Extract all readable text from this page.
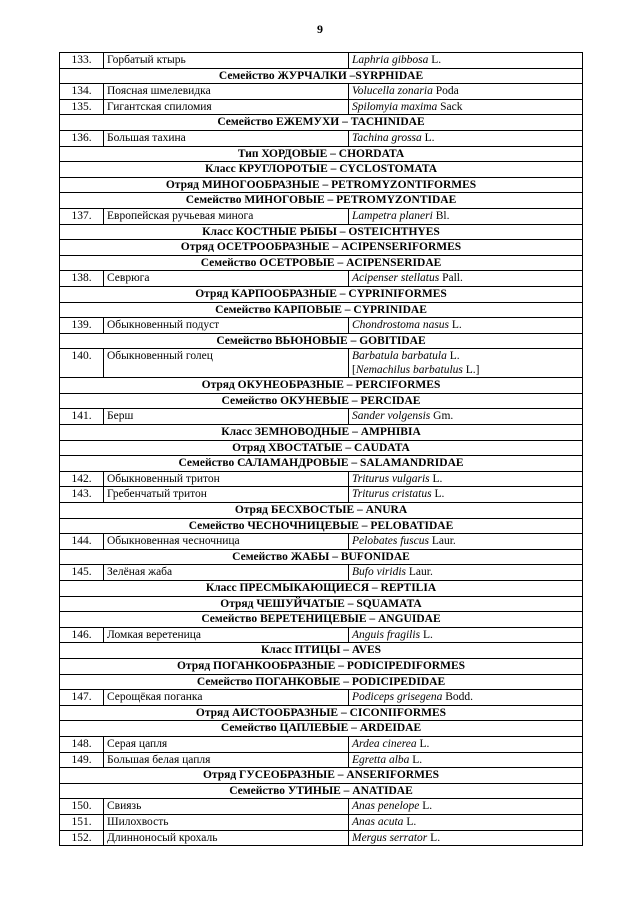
9
133.	Горбатый ктырь	Laphria gibbosa L.

Семейство ЖУРЧАЛКИ –SYRPHIDAE		
134.	Поясная шмелевидка	Volucella zonaria Poda

135.	Гигантская спиломия	Spilomyia maxima Sack

Семейство ЕЖЕМУХИ – TACHINIDAE		
136.	Большая тахина	Tachina grossa L.

Тип ХОРДОВЫЕ – CHORDATA		
Класс КРУГЛОРОТЫЕ – CYCLOSTOMATA		
Отряд МИНОГООБРАЗНЫЕ – PETROMYZONTIFORMES		
Семейство МИНОГОВЫЕ – PETROMYZONTIDAE		
137.	Европейская ручьевая минога	Lampetra planeri Bl.

Класс КОСТНЫЕ РЫБЫ – OSTEICHTHYES		
Отряд ОСЕТРООБРАЗНЫЕ – ACIPENSERIFORMES		
Семейство ОСЕТРОВЫЕ – ACIPENSERIDAE		
138.	Севрюга	Acipenser stellatus Pall.

Отряд КАРПООБРАЗНЫЕ – CYPRINIFORMES		
Семейство КАРПОВЫЕ – CYPRINIDAE		
139.	Обыкновенный подуст	Chondrostoma nasus L.

Семейство ВЬЮНОВЫЕ – GOBITIDAE		
140.	Обыкновенный голец	Barbatula barbatula L.
[Nemachilus barbatulus L.]

Отряд ОКУНЕОБРАЗНЫЕ – PERCIFORMES		
Семейство ОКУНЕВЫЕ – PERCIDAE		
141.	Берш	Sander volgensis Gm.

Класс ЗЕМНОВОДНЫЕ – AMPHIBIA		
Отряд ХВОСТАТЫЕ – CAUDATA		
Семейство САЛАМАНДРОВЫЕ – SALAMANDRIDAE		
142.	Обыкновенный тритон	Triturus vulgaris L.

143.	Гребенчатый тритон	Triturus cristatus L.

Отряд БЕСХВОСТЫЕ – ANURA		
Семейство ЧЕСНОЧНИЦЕВЫЕ – PELOBATIDAE		
144.	Обыкновенная чесночница	Pelobates fuscus Laur.

Семейство ЖАБЫ – BUFONIDAE		
145.	Зелёная жаба	Bufo viridis Laur.

Класс ПРЕСМЫКАЮЩИЕСЯ – REPTILIA		
Отряд ЧЕШУЙЧАТЫЕ – SQUAMATA		
Семейство ВЕРЕТЕНИЦЕВЫЕ – ANGUIDAE		
146.	Ломкая веретеница	Anguis fragilis L.

Класс ПТИЦЫ – AVES		
Отряд ПОГАНКООБРАЗНЫЕ – PODICIPEDIFORMES		
Семейство ПОГАНКОВЫЕ – PODICIPEDIDAE		
147.	Серощёкая поганка	Podiceps grisegena Bodd.

Отряд АИСТООБРАЗНЫЕ – CICONIIFORMES		
Семейство ЦАПЛЕВЫЕ – ARDEIDAE		
148.	Серая цапля	Ardea cinerea L.

149.	Большая белая цапля	Egretta alba L.

Отряд ГУСЕОБРАЗНЫЕ – ANSERIFORMES		
Семейство УТИНЫЕ – ANATIDAE		
150.	Свиязь	Anas penelope L.

151.	Шилохвость	Anas acuta L.

152.	Длинноносый крохаль	Mergus serrator L.
